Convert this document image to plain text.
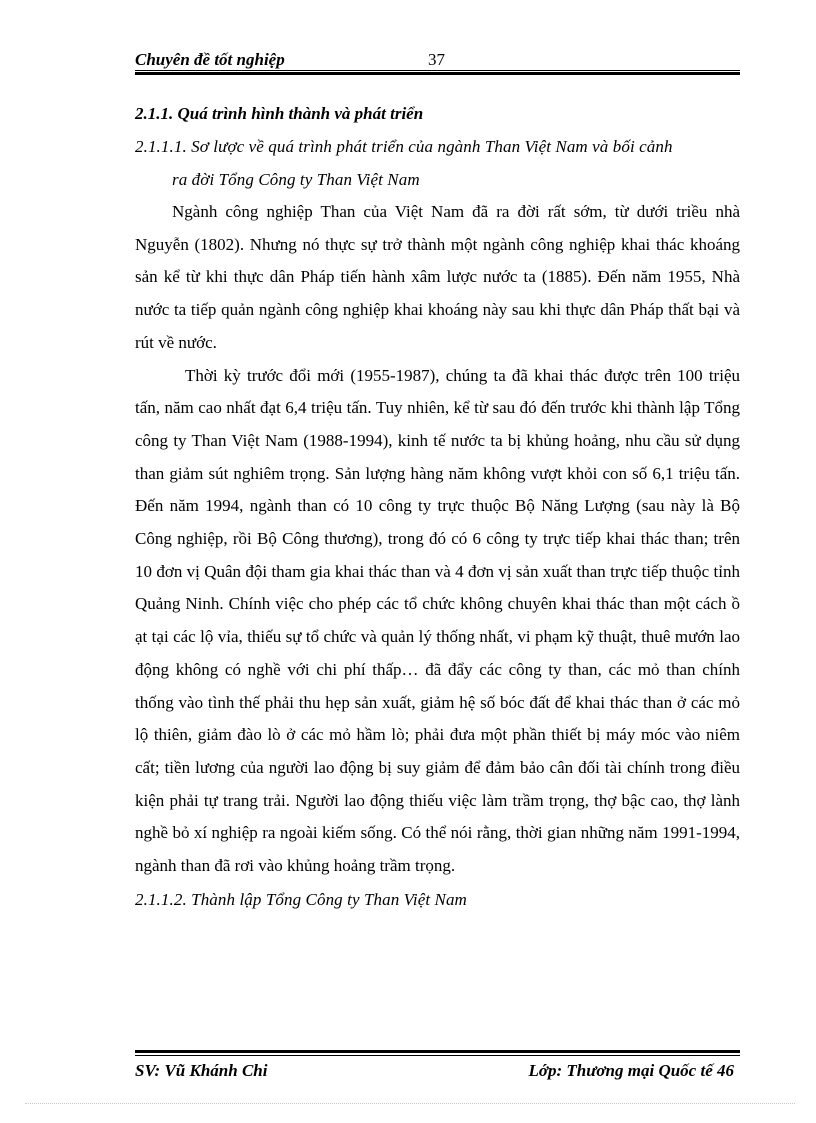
Chuyên đề tốt nghiệp	37

2.1.1. Quá trình hình thành và phát triển

2.1.1.1. Sơ lược về quá trình phát triển của ngành Than Việt Nam và bối cảnh
ra đời Tổng Công ty Than Việt Nam

Ngành công nghiệp Than của Việt Nam đã ra đời rất sớm, từ dưới triều nhà Nguyễn (1802). Nhưng nó thực sự trở thành một ngành công nghiệp khai thác khoáng sản kể từ khi thực dân Pháp tiến hành xâm lược nước ta (1885). Đến năm 1955, Nhà nước ta tiếp quản ngành công nghiệp khai khoáng này sau khi thực dân Pháp thất bại và rút về nước.

Thời kỳ trước đổi mới (1955-1987), chúng ta đã khai thác được trên 100 triệu tấn, năm cao nhất đạt 6,4 triệu tấn. Tuy nhiên, kể từ sau đó đến trước khi thành lập Tổng công ty Than Việt Nam (1988-1994), kinh tế nước ta bị khủng hoảng, nhu cầu sử dụng than giảm sút nghiêm trọng. Sản lượng hàng năm không vượt khỏi con số 6,1 triệu tấn. Đến năm 1994, ngành than có 10 công ty trực thuộc Bộ Năng Lượng (sau này là Bộ Công nghiệp, rồi Bộ Công thương), trong đó có 6 công ty trực tiếp khai thác than; trên 10 đơn vị Quân đội tham gia khai thác than và 4 đơn vị sản xuất than trực tiếp thuộc tỉnh Quảng Ninh. Chính việc cho phép các tổ chức không chuyên khai thác than một cách ồ ạt tại các lộ vỉa, thiếu sự tổ chức và quản lý thống nhất, vi phạm kỹ thuật, thuê mướn lao động không có nghề với chi phí thấp… đã đẩy các công ty than, các mỏ than chính thống vào tình thế phải thu hẹp sản xuất, giảm hệ số bóc đất để khai thác than ở các mỏ lộ thiên, giảm đào lò ở các mỏ hầm lò; phải đưa một phần thiết bị máy móc vào niêm cất; tiền lương của người lao động bị suy giảm để đảm bảo cân đối tài chính trong điều kiện phải tự trang trải. Người lao động thiếu việc làm trầm trọng, thợ bậc cao, thợ lành nghề bỏ xí nghiệp ra ngoài kiếm sống. Có thể nói rằng, thời gian những năm 1991-1994, ngành than đã rơi vào khủng hoảng trầm trọng.

2.1.1.2. Thành lập Tổng Công ty Than Việt Nam

SV: Vũ Khánh Chi	Lớp: Thương mại Quốc tế 46
